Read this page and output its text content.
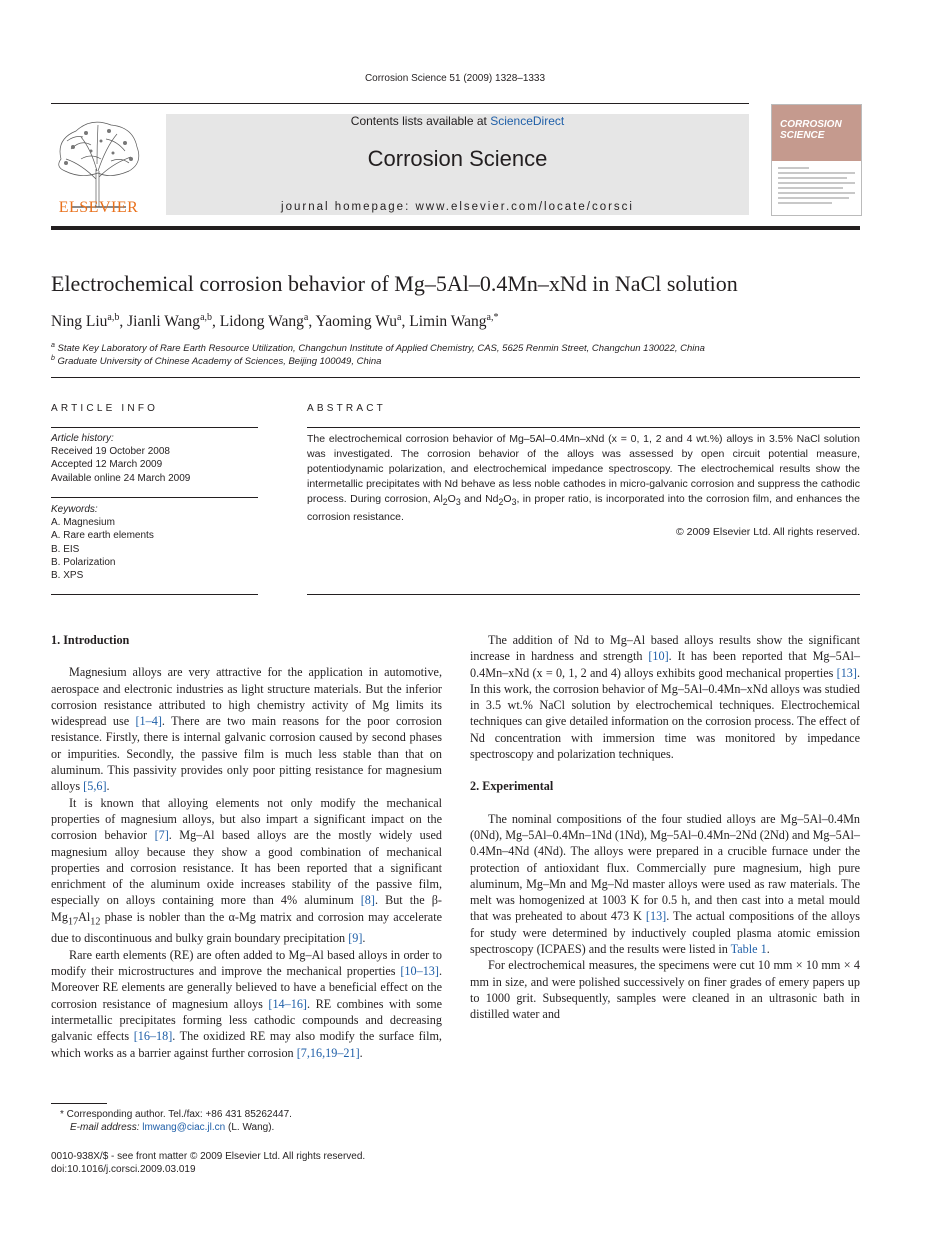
Corrosion Science 51 (2009) 1328–1333
ELSEVIER
Contents lists available at ScienceDirect
Corrosion Science
journal homepage: www.elsevier.com/locate/corsci
CORROSION SCIENCE
Electrochemical corrosion behavior of Mg–5Al–0.4Mn–xNd in NaCl solution
Ning Liu$^{a,b}$, Jianli Wang$^{a,b}$, Lidong Wang$^a$, Yaoming Wu$^a$, Limin Wang$^{a,*}$
$^a$ State Key Laboratory of Rare Earth Resource Utilization, Changchun Institute of Applied Chemistry, CAS, 5625 Renmin Street, Changchun 130022, China
$^b$ Graduate University of Chinese Academy of Sciences, Beijing 100049, China
ARTICLE INFO
Article history:
Received 19 October 2008
Accepted 12 March 2009
Available online 24 March 2009
Keywords:
A. Magnesium
A. Rare earth elements
B. EIS
B. Polarization
B. XPS
ABSTRACT
The electrochemical corrosion behavior of Mg–5Al–0.4Mn–xNd (x = 0, 1, 2 and 4 wt.%) alloys in 3.5% NaCl solution was investigated. The corrosion behavior of the alloys was assessed by open circuit potential measure, potentiodynamic polarization, and electrochemical impedance spectroscopy. The electrochemical results show the intermetallic precipitates with Nd behave as less noble cathodes in micro-galvanic corrosion and suppress the cathodic process. During corrosion, $Al_2O_3$ and $Nd_2O_3$, in proper ratio, is incorporated into the corrosion film, and enhances the corrosion resistance.
© 2009 Elsevier Ltd. All rights reserved.
1. Introduction

Magnesium alloys are very attractive for the application in automotive, aerospace and electronic industries as light structure materials. But the inferior corrosion resistance attributed to high chemistry activity of Mg limits its widespread use [1–4]. There are two main reasons for the poor corrosion resistance. Firstly, there is internal galvanic corrosion caused by second phases or impurities. Secondly, the passive film is much less stable than that on aluminum. This passivity provides only poor pitting resistance for magnesium alloys [5,6].

It is known that alloying elements not only modify the mechanical properties of magnesium alloys, but also impart a significant impact on the corrosion behavior [7]. Mg–Al based alloys are the mostly widely used magnesium alloy because they show a good combination of mechanical properties and corrosion resistance. It has been reported that a significant enrichment of the aluminum oxide increases stability of the passive film, especially on alloys containing more than 4% aluminum [8]. But the $\beta-Mg_{17}Al_{12}$ phase is nobler than the α-Mg matrix and corrosion may accelerate due to discontinuous and bulky grain boundary precipitation [9].

Rare earth elements (RE) are often added to Mg–Al based alloys in order to modify their microstructures and improve the mechanical properties [10–13]. Moreover RE elements are generally believed to have a beneficial effect on the corrosion resistance of magnesium alloys [14–16]. RE combines with some intermetallic precipitates forming less cathodic compounds and decreasing galvanic effects [16–18]. The oxidized RE may also modify the surface film, which works as a barrier against further corrosion [7,16,19–21].

The addition of Nd to Mg–Al based alloys results show the significant increase in hardness and strength [10]. It has been reported that Mg–5Al–0.4Mn–xNd (x = 0, 1, 2 and 4) alloys exhibits good mechanical properties [13]. In this work, the corrosion behavior of Mg–5Al–0.4Mn–xNd alloys was studied in 3.5 wt.% NaCl solution by electrochemical techniques. Electrochemical techniques can give detailed information on the corrosion process. The effect of Nd concentration with immersion time was monitored by impedance spectroscopy and polarization techniques.

2. Experimental

The nominal compositions of the four studied alloys are Mg–5Al–0.4Mn (0Nd), Mg–5Al–0.4Mn–1Nd (1Nd), Mg–5Al–0.4Mn–2Nd (2Nd) and Mg–5Al–0.4Mn–4Nd (4Nd). The alloys were prepared in a crucible furnace under the protection of antioxidant flux. Commercially pure magnesium, high pure aluminum, Mg–Mn and Mg–Nd master alloys were used as raw materials. The melt was homogenized at 1003 K for 0.5 h, and then cast into a metal mould that was preheated to about 473 K [13]. The actual compositions of the alloys for study were determined by inductively coupled plasma atomic emission spectroscopy (ICPAES) and the results were listed in Table 1.

For electrochemical measures, the specimens were cut 10 mm × 10 mm × 4 mm in size, and were polished successively on finer grades of emery papers up to 1000 grit. Subsequently, samples were cleaned in an ultrasonic bath in distilled water and

* Corresponding author. Tel./fax: +86 431 85262447.
E-mail address: lmwang@ciac.jl.cn (L. Wang).
0010-938X/$ - see front matter © 2009 Elsevier Ltd. All rights reserved.
doi:10.1016/j.corsci.2009.03.019
